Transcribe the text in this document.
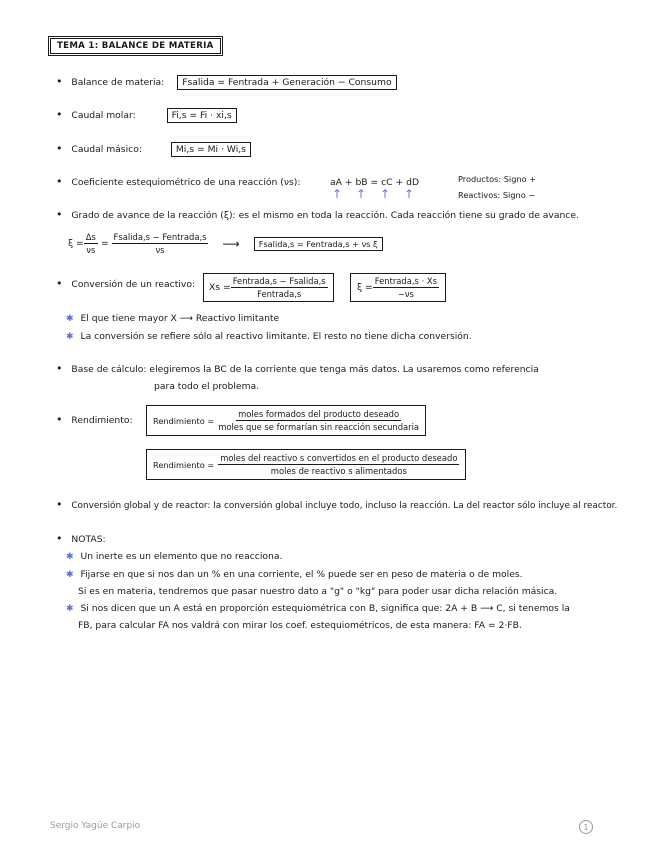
TEMA 1: BALANCE DE MATERIA
• Balance de materia: Fsalida = Fentrada + Generación − Consumo
• Caudal molar:	Fi,s = Fi · xi,s
• Caudal másico:	Mi,s = Mi · Wi,s
• Coeficiente estequiométrico de una reacción (νs):	aA + bB = cC + dD
↑ ↑ ↑ ↑
Productos: Signo +
Reactivos: Signo −
• Grado de avance de la reacción (ξ): es el mismo en toda la reacción. Cada reacción tiene su grado de avance.
$\xi = \frac{\Delta s}{\nu s} = \frac{\text{Fsalida,s − Fentrada,s}}{\nu s}$ ⟶	Fsalida,s = Fentrada,s + νs ξ
• Conversión de un reactivo: $Xs = \frac{\text{Fentrada,s − Fsalida,s}}{\text{Fentrada,s}}$	$\xi = \frac{\text{Fentrada,s · Xs}}{-\nu s}$
✱ El que tiene mayor X ⟶ Reactivo limitante
✱ La conversión se refiere sólo al reactivo limitante. El resto no tiene dicha conversión.
• Base de cálculo: elegiremos la BC de la corriente que tenga más datos. La usaremos como referencia
para todo el problema.
• Rendimiento: Rendimiento = $\frac{\text{moles formados del producto deseado}}{\text{moles que se formarían sin reacción secundaria}}$
Rendimiento = $\frac{\text{moles del reactivo s convertidos en el producto deseado}}{\text{moles de reactivo s alimentados}}$
• Conversión global y de reactor: la conversión global incluye todo, incluso la reacción. La del reactor sólo incluye al reactor.
• NOTAS:
✱ Un inerte es un elemento que no reacciona.
✱ Fijarse en que si nos dan un % en una corriente, el % puede ser en peso de materia o de moles.
Si es en materia, tendremos que pasar nuestro dato a "g" o "kg" para poder usar dicha relación másica.
✱ Si nos dicen que un A está en proporción estequiométrica con B, significa que: 2A + B ⟶ C, si tenemos la
FB, para calcular FA nos valdrá con mirar los coef. estequiométricos, de esta manera: FA = 2·FB.
Sergio Yagüe Carpio	1
